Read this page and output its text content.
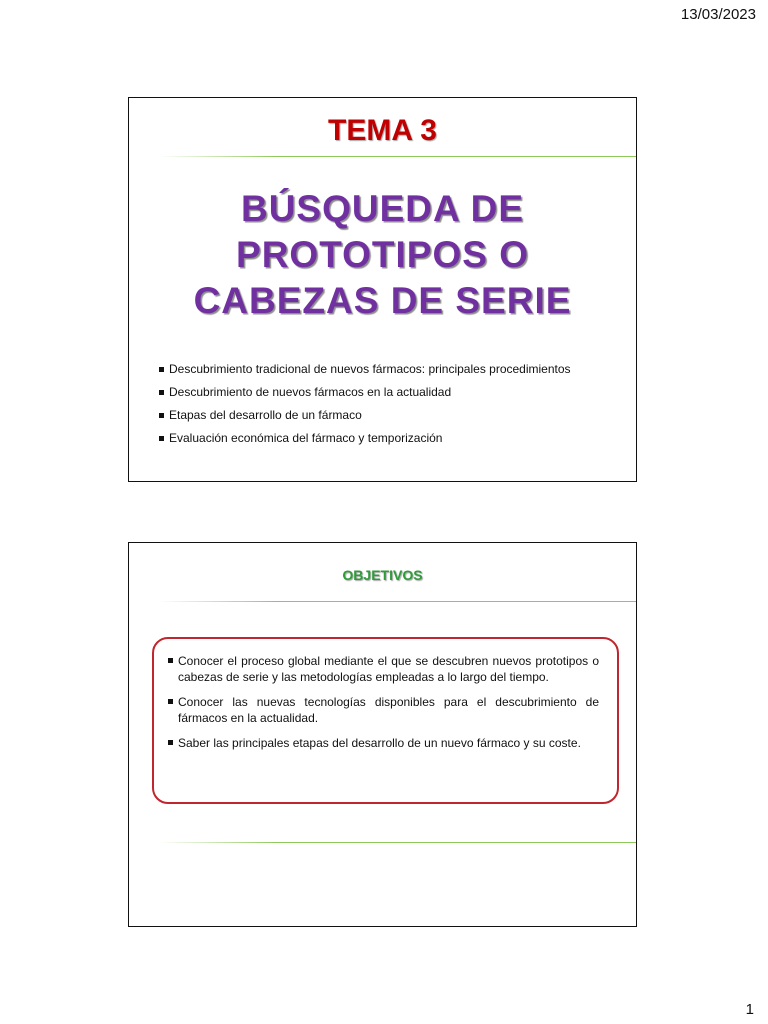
13/03/2023
TEMA 3
BÚSQUEDA DE
PROTOTIPOS O
CABEZAS DE SERIE
Descubrimiento tradicional de nuevos fármacos: principales procedimientos
Descubrimiento de nuevos fármacos en la actualidad
Etapas del desarrollo de un fármaco
Evaluación económica del fármaco y temporización
OBJETIVOS
Conocer el proceso global mediante el que se descubren nuevos prototipos o cabezas de serie y las metodologías empleadas a lo largo del tiempo.
Conocer las nuevas tecnologías disponibles para el descubrimiento de fármacos en la actualidad.
Saber las principales etapas del desarrollo de un nuevo fármaco y su coste.
1
